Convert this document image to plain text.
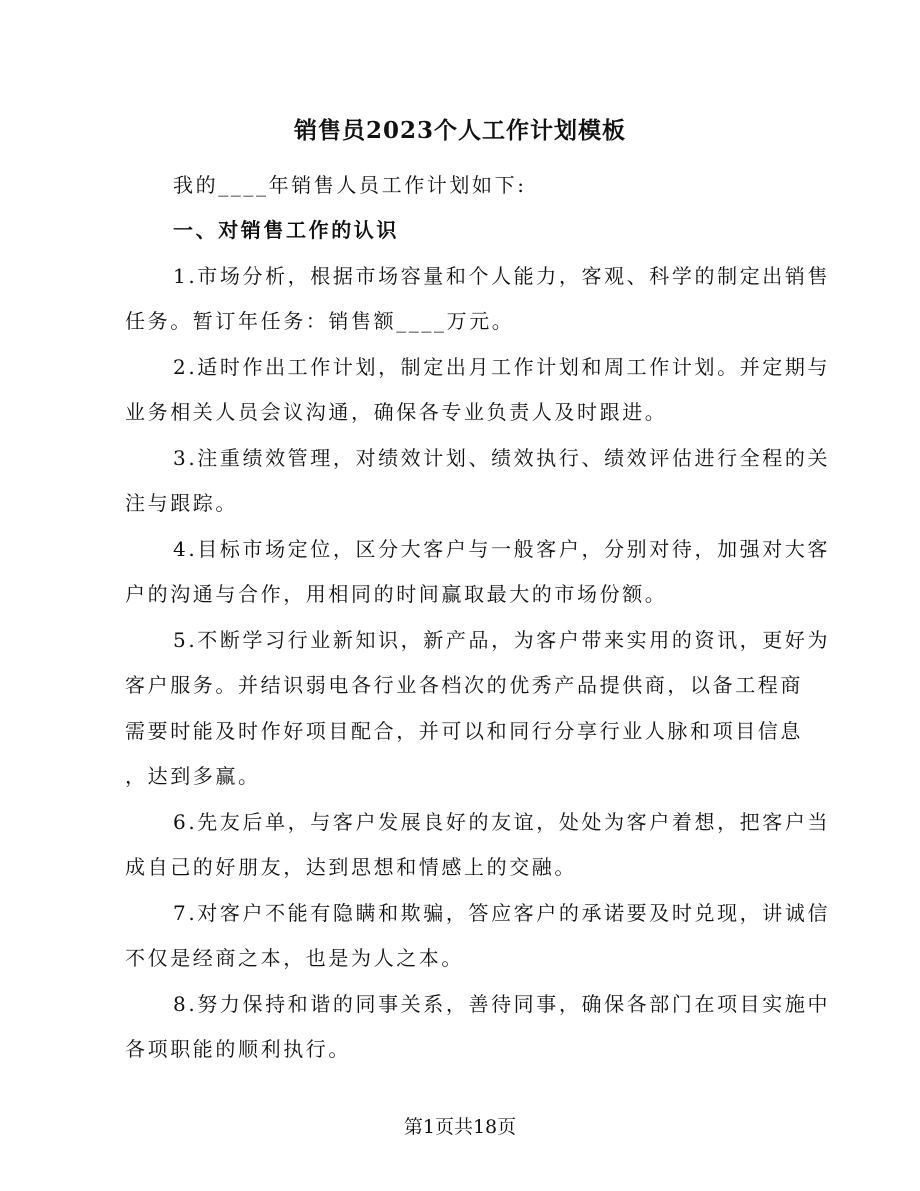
销售员2023个人工作计划模板
我的____年销售人员工作计划如下:
一、对销售工作的认识
1.市场分析，根据市场容量和个人能力，客观、科学的制定出销售
任务。暂订年任务：销售额____万元。
2.适时作出工作计划，制定出月工作计划和周工作计划。并定期与
业务相关人员会议沟通，确保各专业负责人及时跟进。
3.注重绩效管理，对绩效计划、绩效执行、绩效评估进行全程的关
注与跟踪。
4.目标市场定位，区分大客户与一般客户，分别对待，加强对大客
户的沟通与合作，用相同的时间赢取最大的市场份额。
5.不断学习行业新知识，新产品，为客户带来实用的资讯，更好为
客户服务。并结识弱电各行业各档次的优秀产品提供商，以备工程商
需要时能及时作好项目配合，并可以和同行分享行业人脉和项目信息
，达到多赢。
6.先友后单，与客户发展良好的友谊，处处为客户着想，把客户当
成自己的好朋友，达到思想和情感上的交融。
7.对客户不能有隐瞒和欺骗，答应客户的承诺要及时兑现，讲诚信
不仅是经商之本，也是为人之本。
8.努力保持和谐的同事关系，善待同事，确保各部门在项目实施中
各项职能的顺利执行。
第1页共18页
